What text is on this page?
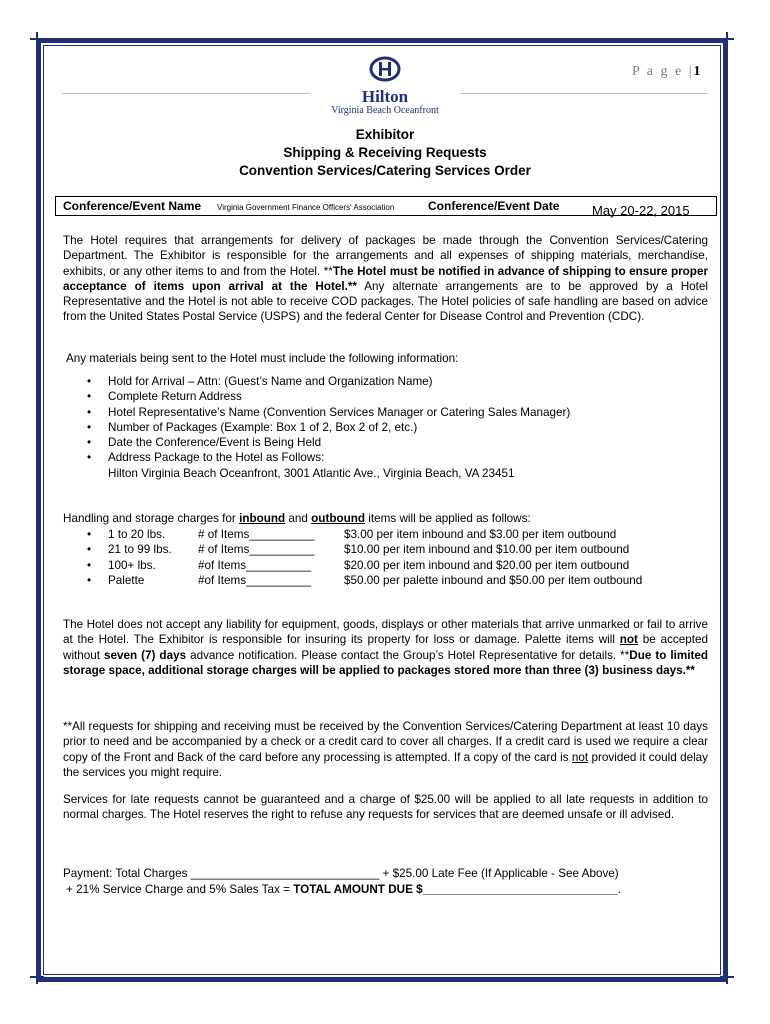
P a g e |1
Hilton
Virginia Beach Oceanfront
Exhibitor
Shipping & Receiving Requests
Convention Services/Catering Services Order
Conference/Event Name Virginia Government Finance Officers' Association	Conference/Event Date	May 20-22, 2015
The Hotel requires that arrangements for delivery of packages be made through the Convention Services/Catering Department. The Exhibitor is responsible for the arrangements and all expenses of shipping materials, merchandise, exhibits, or any other items to and from the Hotel. **The Hotel must be notified in advance of shipping to ensure proper acceptance of items upon arrival at the Hotel.** Any alternate arrangements are to be approved by a Hotel Representative and the Hotel is not able to receive COD packages. The Hotel policies of safe handling are based on advice from the United States Postal Service (USPS) and the federal Center for Disease Control and Prevention (CDC).
Any materials being sent to the Hotel must include the following information:
• Hold for Arrival – Attn: (Guest’s Name and Organization Name)
• Complete Return Address
• Hotel Representative’s Name (Convention Services Manager or Catering Sales Manager)
• Number of Packages (Example: Box 1 of 2, Box 2 of 2, etc.)
• Date the Conference/Event is Being Held
• Address Package to the Hotel as Follows:
Hilton Virginia Beach Oceanfront, 3001 Atlantic Ave., Virginia Beach, VA 23451
Handling and storage charges for inbound and outbound items will be applied as follows:
• 1 to 20 lbs.	# of Items__________	$3.00 per item inbound and $3.00 per item outbound
• 21 to 99 lbs. # of Items__________	$10.00 per item inbound and $10.00 per item outbound
• 100+ lbs.	#of Items__________	$20.00 per item inbound and $20.00 per item outbound
• Palette	#of Items__________	$50.00 per palette inbound and $50.00 per item outbound
The Hotel does not accept any liability for equipment, goods, displays or other materials that arrive unmarked or fail to arrive at the Hotel. The Exhibitor is responsible for insuring its property for loss or damage. Palette items will not be accepted without seven (7) days advance notification. Please contact the Group’s Hotel Representative for details. **Due to limited storage space, additional storage charges will be applied to packages stored more than three (3) business days.**
**All requests for shipping and receiving must be received by the Convention Services/Catering Department at least 10 days prior to need and be accompanied by a check or a credit card to cover all charges. If a credit card is used we require a clear copy of the Front and Back of the card before any processing is attempted. If a copy of the card is not provided it could delay the services you might require.
Services for late requests cannot be guaranteed and a charge of $25.00 will be applied to all late requests in addition to normal charges. The Hotel reserves the right to refuse any requests for services that are deemed unsafe or ill advised.
Payment: Total Charges _____________________________ + $25.00 Late Fee (If Applicable - See Above)
+ 21% Service Charge and 5% Sales Tax = TOTAL AMOUNT DUE $______________________________.
